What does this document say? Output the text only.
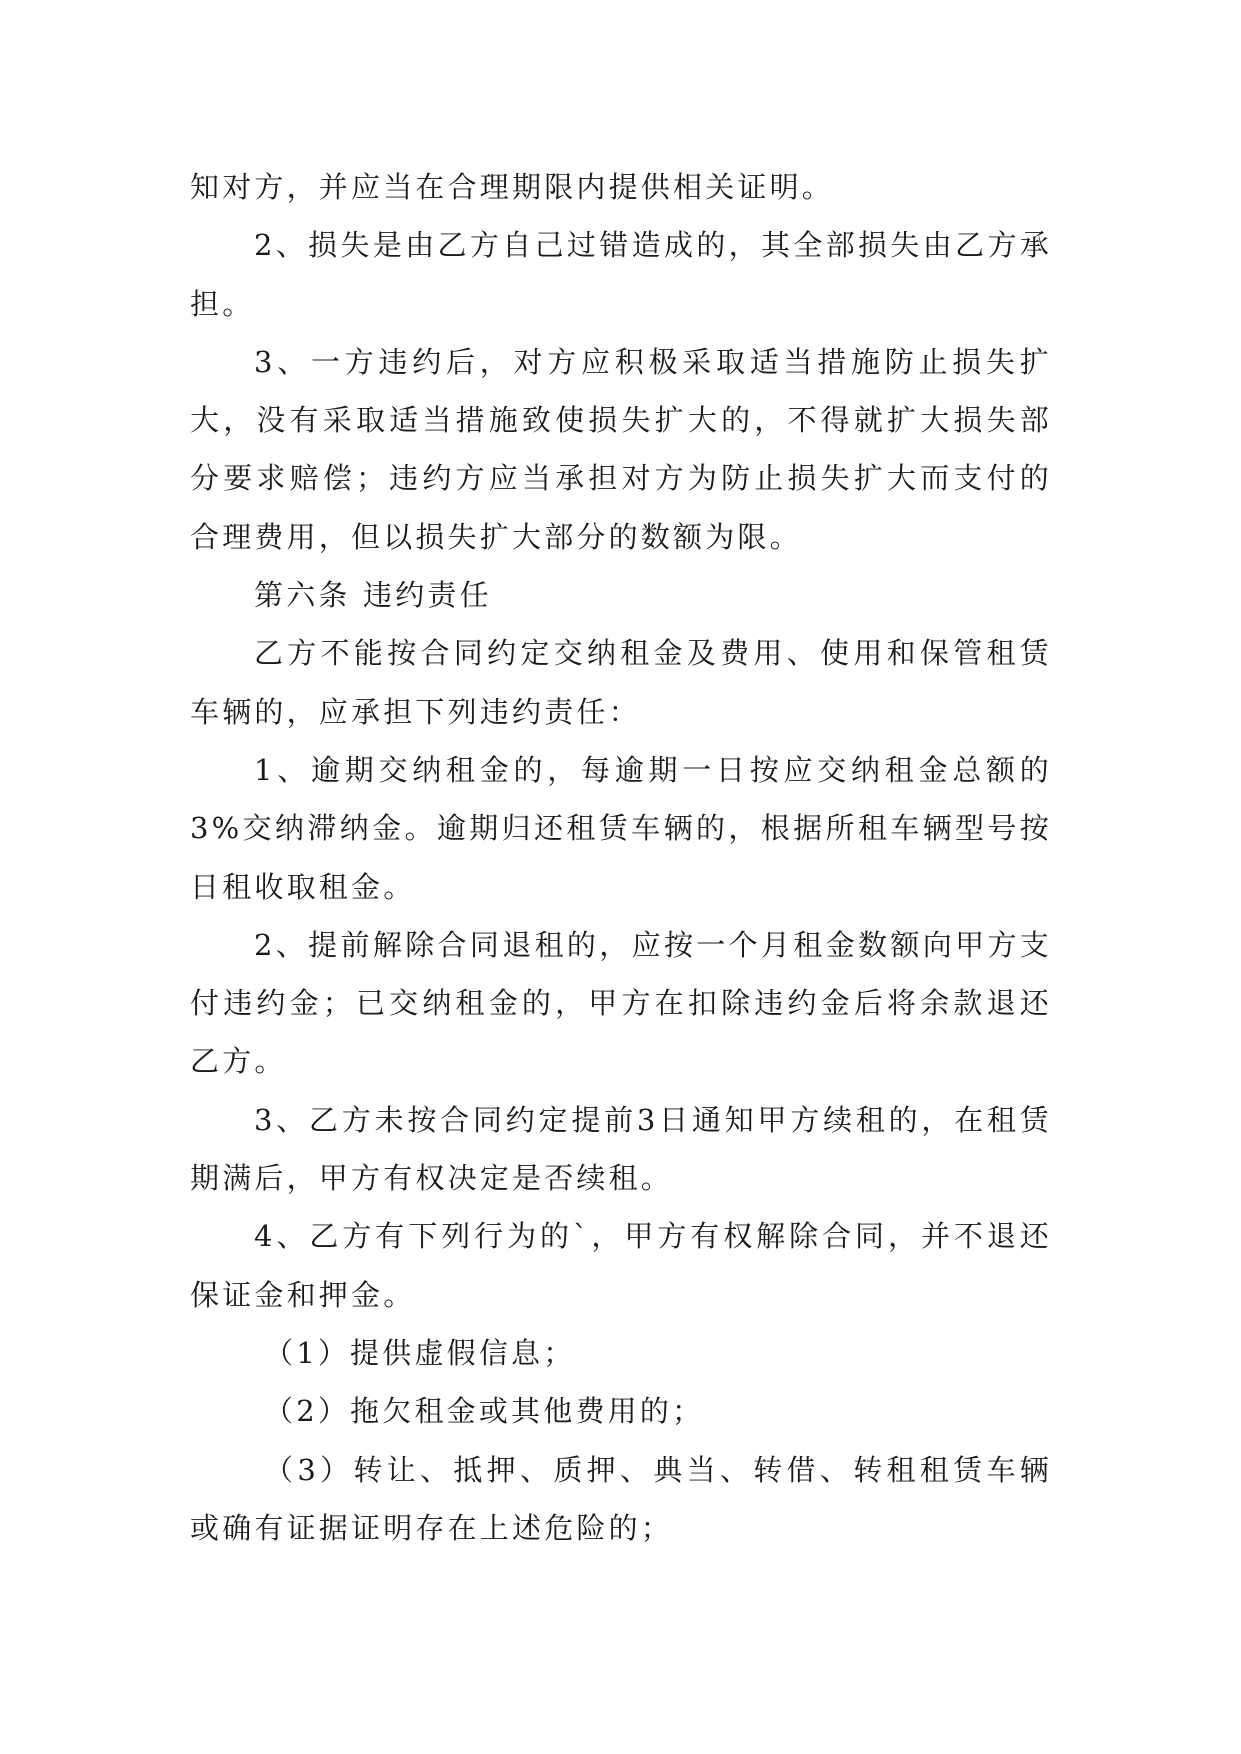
知对方，并应当在合理期限内提供相关证明。

2、损失是由乙方自己过错造成的，其全部损失由乙方承担。

3、一方违约后，对方应积极采取适当措施防止损失扩大，没有采取适当措施致使损失扩大的，不得就扩大损失部分要求赔偿；违约方应当承担对方为防止损失扩大而支付的合理费用，但以损失扩大部分的数额为限。

第六条 违约责任

乙方不能按合同约定交纳租金及费用、使用和保管租赁车辆的，应承担下列违约责任：

1、逾期交纳租金的，每逾期一日按应交纳租金总额的3%交纳滞纳金。逾期归还租赁车辆的，根据所租车辆型号按日租收取租金。

2、提前解除合同退租的，应按一个月租金数额向甲方支付违约金；已交纳租金的，甲方在扣除违约金后将余款退还乙方。

3、乙方未按合同约定提前3日通知甲方续租的，在租赁期满后，甲方有权决定是否续租。

4、乙方有下列行为的`，甲方有权解除合同，并不退还保证金和押金。

（1）提供虚假信息；

（2）拖欠租金或其他费用的；

（3）转让、抵押、质押、典当、转借、转租租赁车辆或确有证据证明存在上述危险的；
